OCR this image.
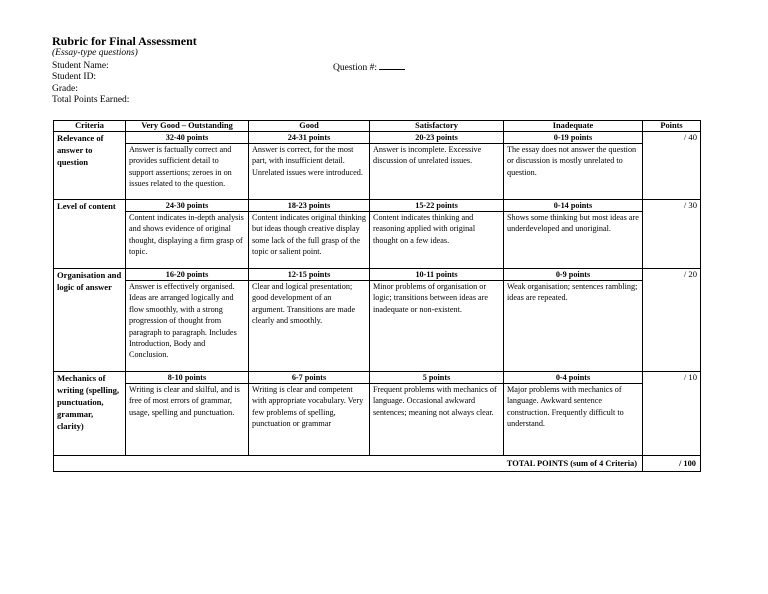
Rubric for Final Assessment
(Essay-type questions)
Student Name:
Student ID:
Grade:
Total Points Earned:
Question #:
Criteria	Very Good – Outstanding	Good	Satisfactory	Inadequate	Points
Relevance of answer to question	32-40 points	24-31 points	20-23 points	0-19 points	/ 40
	Answer is factually correct and provides sufficient detail to support assertions; zeroes in on issues related to the question.	Answer is correct, for the most part, with insufficient detail. Unrelated issues were introduced.	Answer is incomplete. Excessive discussion of unrelated issues.	The essay does not answer the question or discussion is mostly unrelated to question.	
Level of content	24-30 points	18-23 points	15-22 points	0-14 points	/ 30
	Content indicates in-depth analysis and shows evidence of original thought, displaying a firm grasp of topic.	Content indicates original thinking but ideas though creative display some lack of the full grasp of the topic or salient point.	Content indicates thinking and reasoning applied with original thought on a few ideas.	Shows some thinking but most ideas are underdeveloped and unoriginal.	
Organisation and logic of answer	16-20 points	12-15 points	10-11 points	0-9 points	/ 20
	Answer is effectively organised. Ideas are arranged logically and flow smoothly, with a strong progression of thought from paragraph to paragraph. Includes Introduction, Body and Conclusion.	Clear and logical presentation; good development of an argument. Transitions are made clearly and smoothly.	Minor problems of organisation or logic; transitions between ideas are inadequate or non-existent.	Weak organisation; sentences rambling; ideas are repeated.	
Mechanics of writing (spelling, punctuation, grammar, clarity)	8-10 points	6-7 points	5 points	0-4 points	/ 10
	Writing is clear and skilful, and is free of most errors of grammar, usage, spelling and punctuation.	Writing is clear and competent with appropriate vocabulary. Very few problems of spelling, punctuation or grammar	Frequent problems with mechanics of language. Occasional awkward sentences; meaning not always clear.	Major problems with mechanics of language. Awkward sentence construction. Frequently difficult to understand.	
TOTAL POINTS (sum of 4 Criteria)					/ 100
